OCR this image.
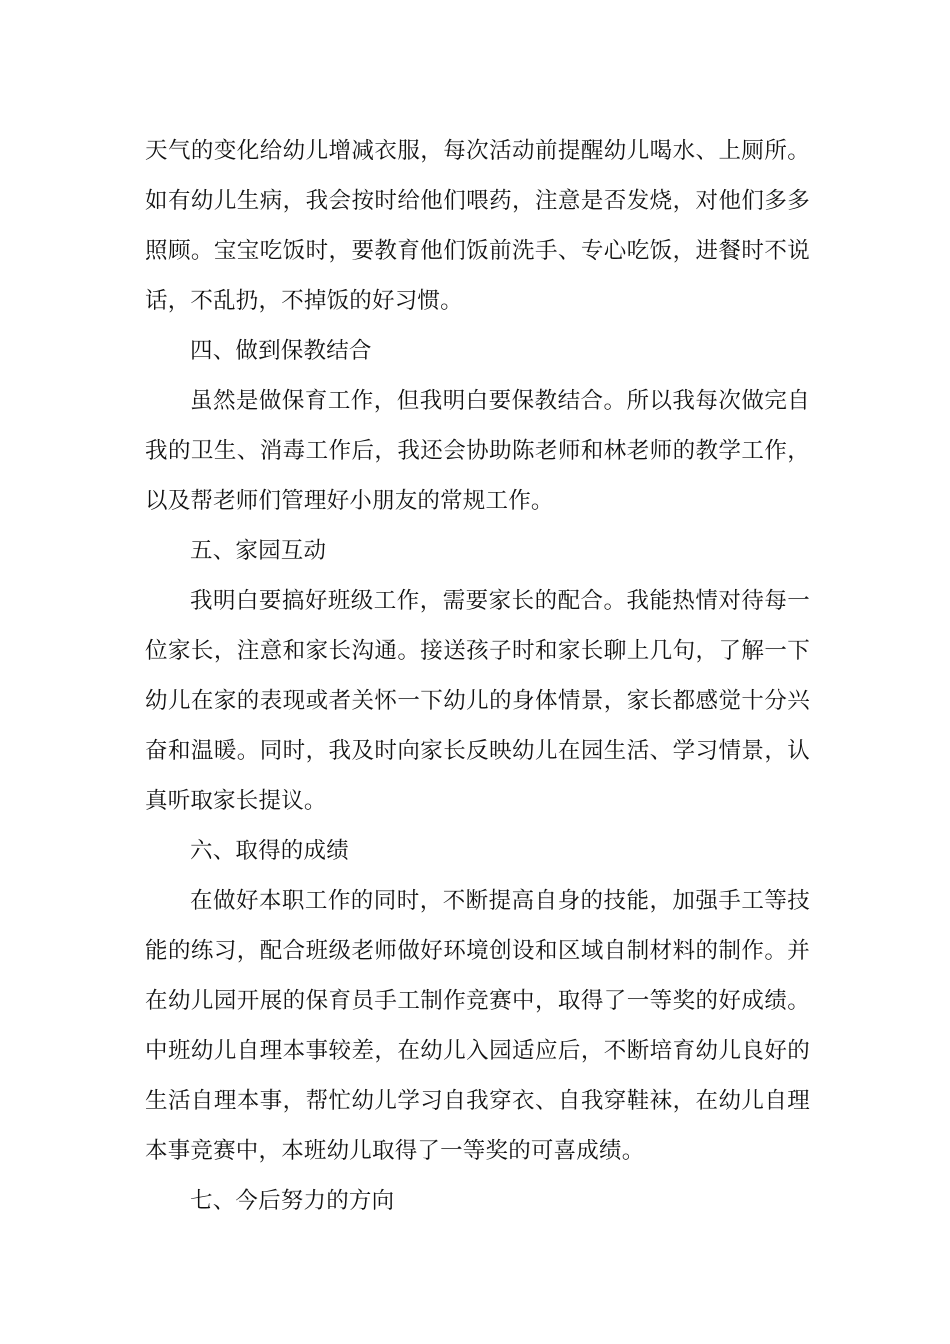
天气的变化给幼儿增减衣服，每次活动前提醒幼儿喝水、上厕所。
如有幼儿生病，我会按时给他们喂药，注意是否发烧，对他们多多
照顾。宝宝吃饭时，要教育他们饭前洗手、专心吃饭，进餐时不说
话，不乱扔，不掉饭的好习惯。
四、做到保教结合
虽然是做保育工作，但我明白要保教结合。所以我每次做完自
我的卫生、消毒工作后，我还会协助陈老师和林老师的教学工作，
以及帮老师们管理好小朋友的常规工作。
五、家园互动
我明白要搞好班级工作，需要家长的配合。我能热情对待每一
位家长，注意和家长沟通。接送孩子时和家长聊上几句，了解一下
幼儿在家的表现或者关怀一下幼儿的身体情景，家长都感觉十分兴
奋和温暖。同时，我及时向家长反映幼儿在园生活、学习情景，认
真听取家长提议。
六、取得的成绩
在做好本职工作的同时，不断提高自身的技能，加强手工等技
能的练习，配合班级老师做好环境创设和区域自制材料的制作。并
在幼儿园开展的保育员手工制作竞赛中，取得了一等奖的好成绩。
中班幼儿自理本事较差，在幼儿入园适应后，不断培育幼儿良好的
生活自理本事，帮忙幼儿学习自我穿衣、自我穿鞋袜，在幼儿自理
本事竞赛中，本班幼儿取得了一等奖的可喜成绩。
七、今后努力的方向
